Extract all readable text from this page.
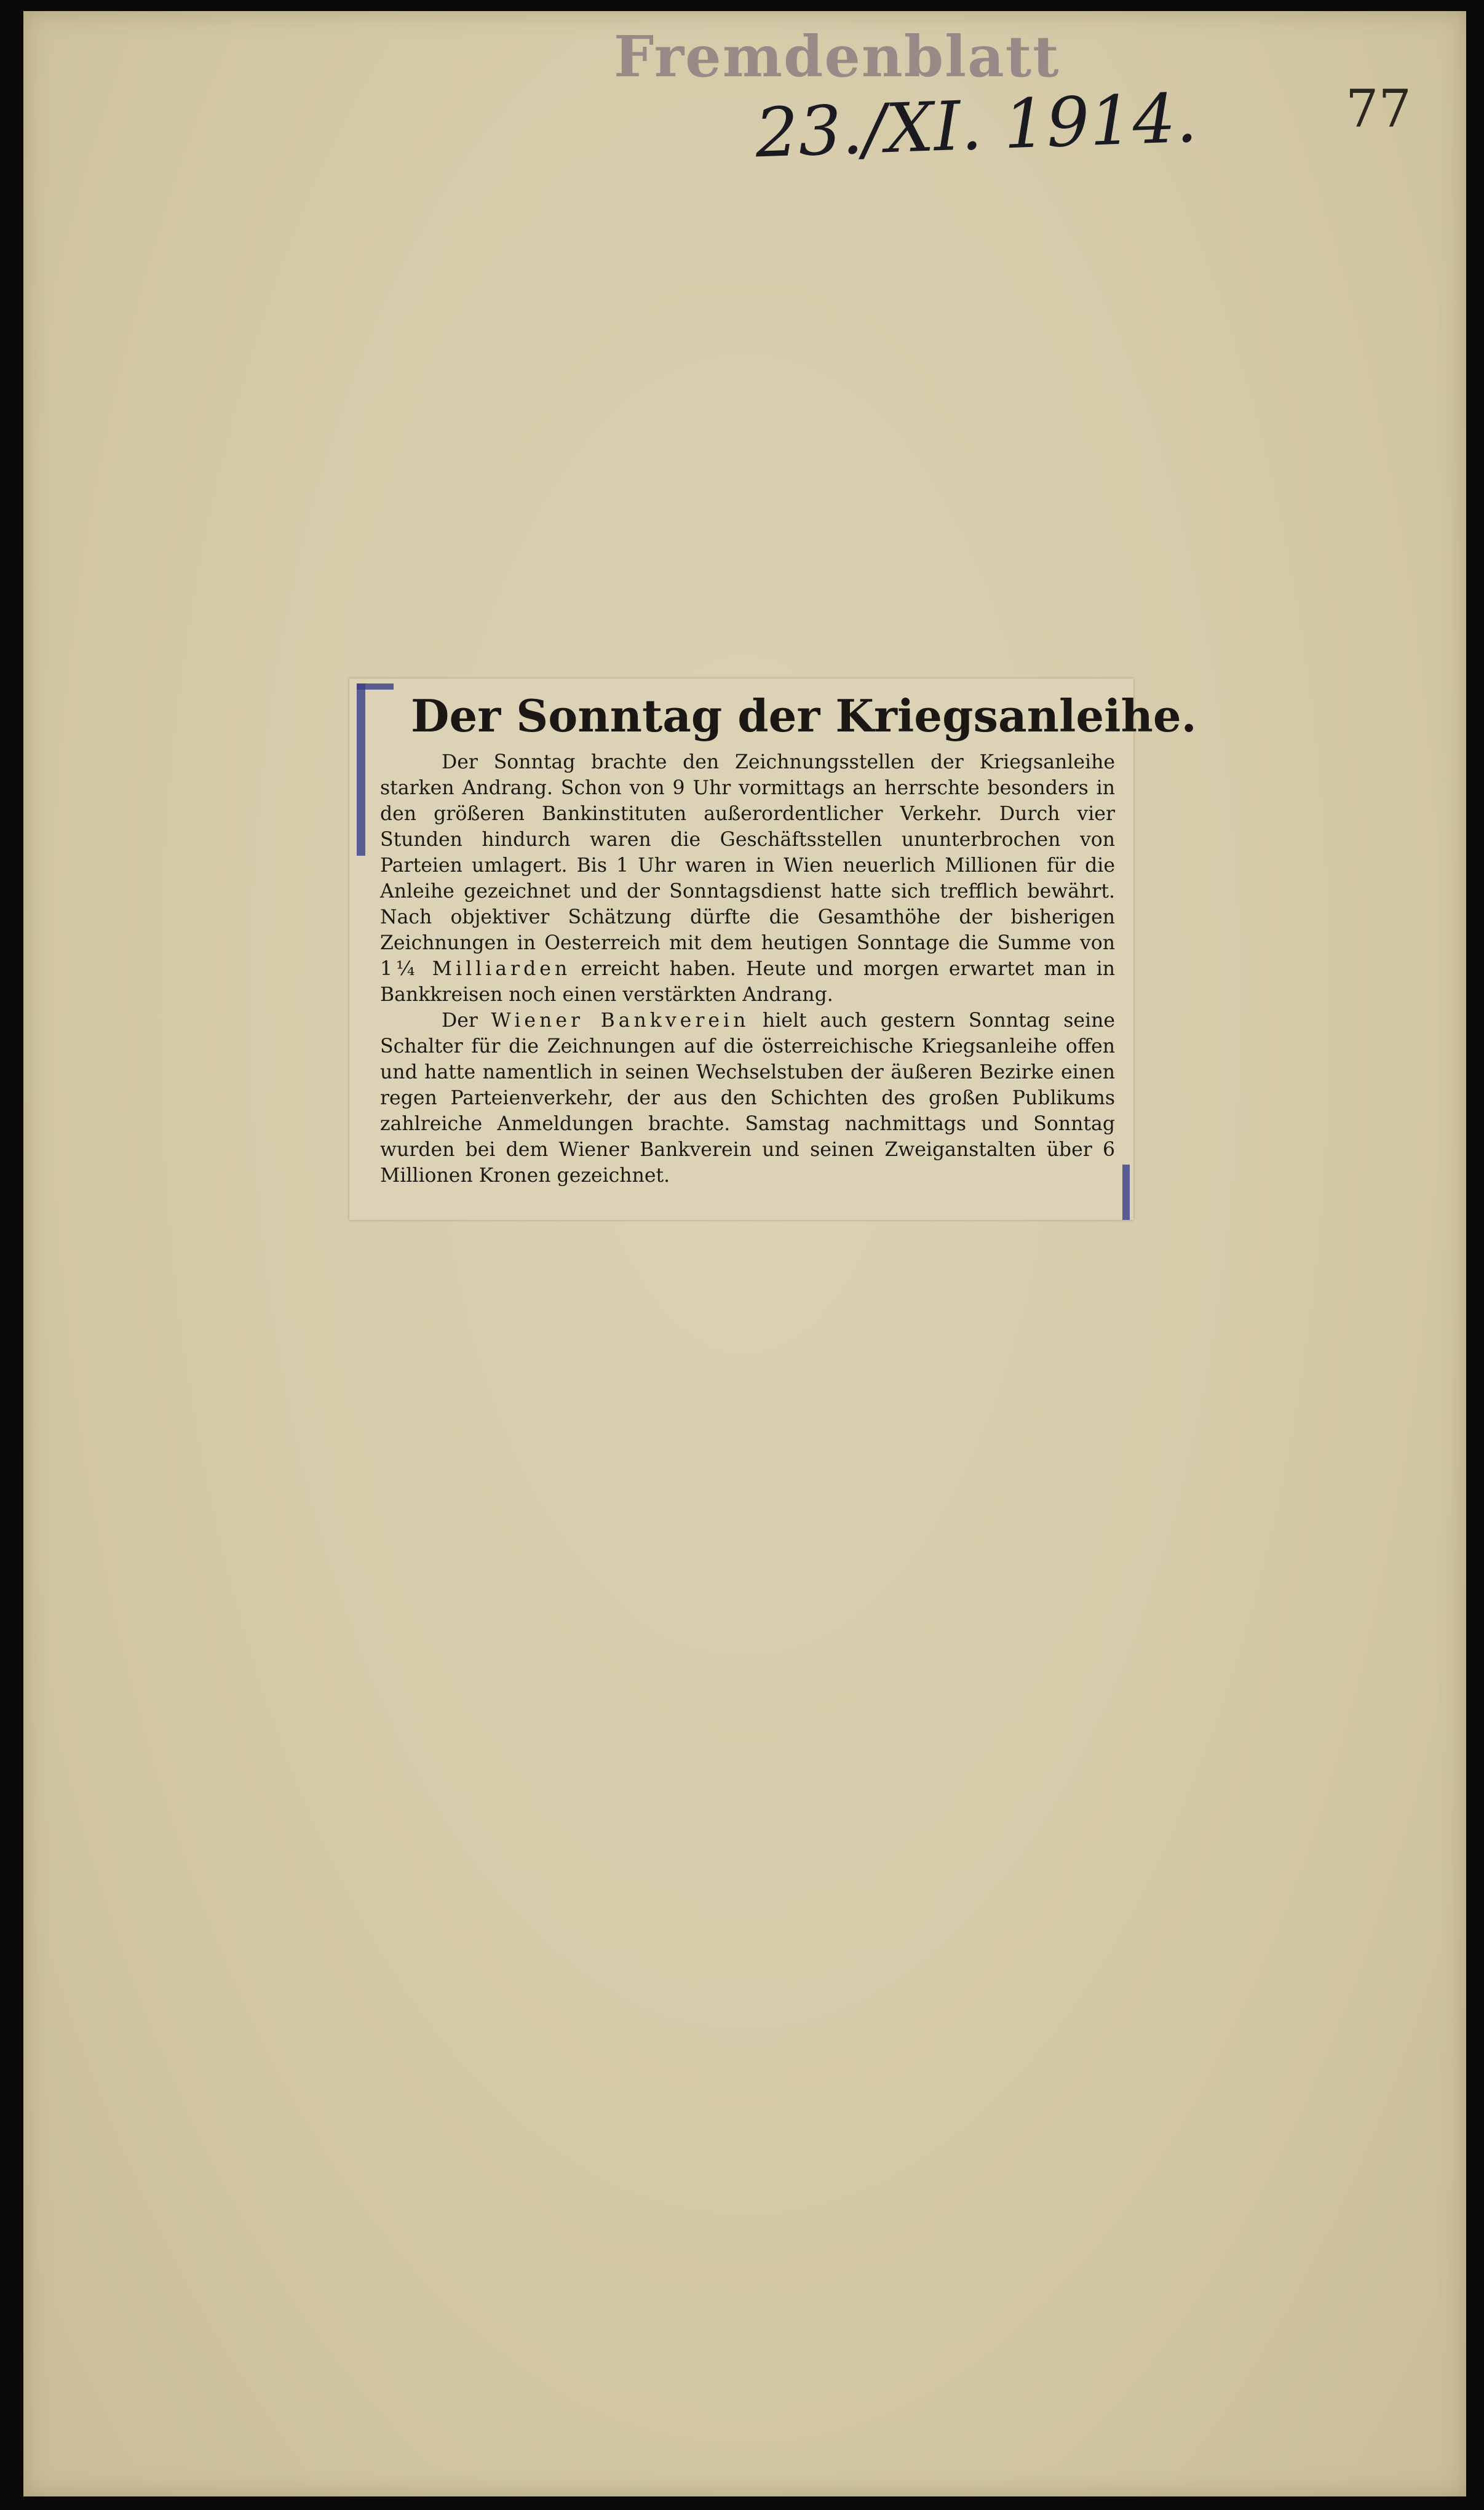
Fremdenblatt
23./XI. 1914.	77
Der Sonntag der Kriegsanleihe.

Der Sonntag brachte den Zeichnungsstellen der Kriegsanleihe starken Andrang. Schon von 9 Uhr vormittags an herrschte besonders in den größeren Bankinstituten außerordentlicher Verkehr. Durch vier Stunden hindurch waren die Geschäftsstellen ununterbrochen von Parteien umlagert. Bis 1 Uhr waren in Wien neuerlich Millionen für die Anleihe gezeichnet und der Sonntagsdienst hatte sich trefflich bewährt. Nach objektiver Schätzung dürfte die Gesamthöhe der bisherigen Zeichnungen in Oesterreich mit dem heutigen Sonntage die Summe von 1¼ Milliarden erreicht haben. Heute und morgen erwartet man in Bankkreisen noch einen verstärkten Andrang.

Der Wiener Bankverein hielt auch gestern Sonntag seine Schalter für die Zeichnungen auf die österreichische Kriegsanleihe offen und hatte namentlich in seinen Wechselstuben der äußeren Bezirke einen regen Parteienverkehr, der aus den Schichten des großen Publikums zahlreiche Anmeldungen brachte. Samstag nachmittags und Sonntag wurden bei dem Wiener Bankverein und seinen Zweiganstalten über 6 Millionen Kronen gezeichnet.
